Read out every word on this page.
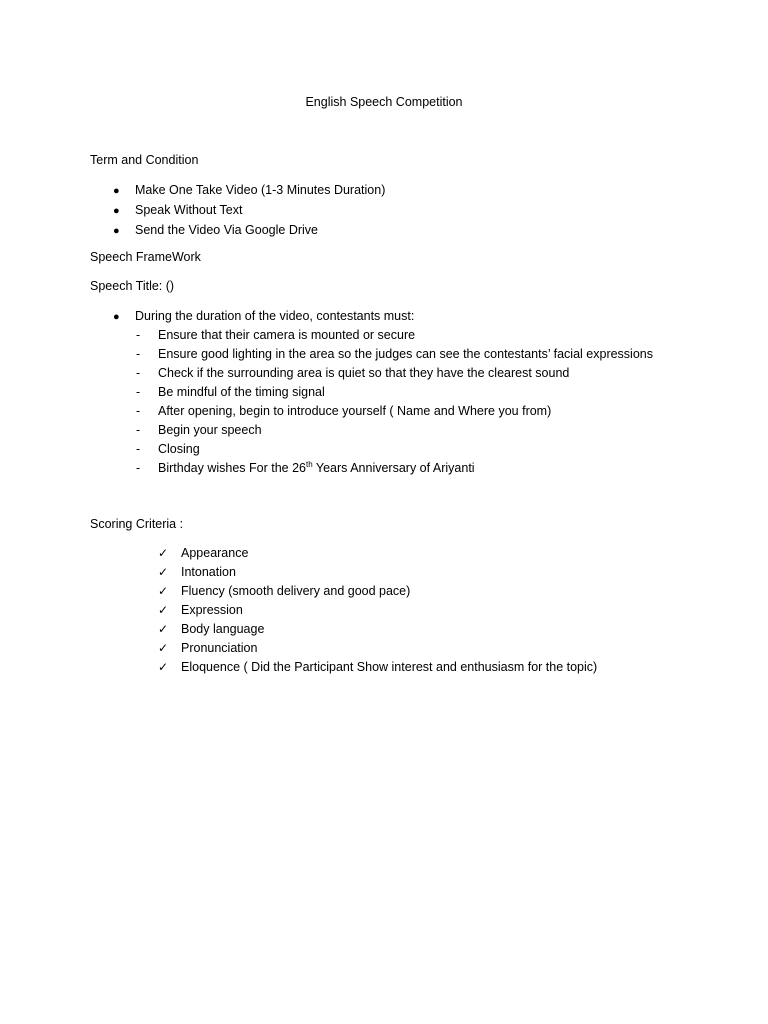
English Speech Competition
Term and Condition
●	Make One Take Video (1-3 Minutes Duration)
●	Speak Without Text
●	Send the Video Via Google Drive
Speech FrameWork
Speech Title: ()
●	During the duration of the video, contestants must:
-	Ensure that their camera is mounted or secure
-	Ensure good lighting in the area so the judges can see the contestants’ facial expressions
-	Check if the surrounding area is quiet so that they have the clearest sound
-	Be mindful of the timing signal
-	After opening, begin to introduce yourself ( Name and Where you from)
-	Begin your speech
-	Closing
-	Birthday wishes For the 26th Years Anniversary of Ariyanti
Scoring Criteria :
✓	Appearance
✓	Intonation
✓	Fluency (smooth delivery and good pace)
✓	Expression
✓	Body language
✓	Pronunciation
✓	Eloquence ( Did the Participant Show interest and enthusiasm for the topic)
